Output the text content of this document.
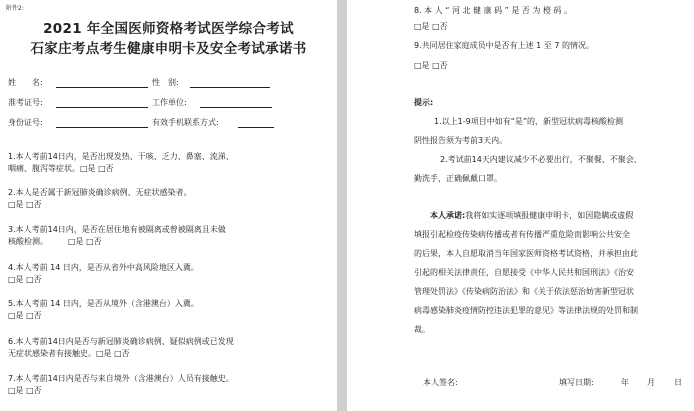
附件2:
2021 年全国医师资格考试医学综合考试
石家庄考点考生健康申明卡及安全考试承诺书
姓　　名:	性　别:
准考证号:	工作单位:
身份证号:	有效手机联系方式:
1.本人考前14日内，是否出现发热、干咳、乏力、鼻塞、流涕、
咽痛、腹泻等症状。□是 □否
2.本人是否属于新冠肺炎确诊病例、无症状感染者。
□是 □否
3.本人考前14日内，是否在居住地有被隔离或曾被隔离且未做
核酸检测。　　　□是 □否
4.本人考前 14 日内，是否从省外中高风险地区入冀。
□是 □否
5.本人考前 14 日内，是否从境外（含港澳台）入冀。
□是 □否
6.本人考前14日内是否与新冠肺炎确诊病例、疑似病例或已发现
无症状感染者有接触史。□是 □否
7.本人考前14日内是否与来自境外（含港澳台）人员有接触史。
□是 □否
8. 本 人 “ 河 北 健 康 码 ” 是 否 为 橙 码 。
□是 □否
9.共同居住家庭成员中是否有上述 1 至 7 的情况。
□是 □否
提示:
1.以上1-9项目中如有“是”的，新型冠状病毒核酸检测
阴性报告须为考前3天内。
2.考试前14天内建议减少不必要出行，不聚餐、不聚会、
勤洗手，正确佩戴口罩。
本人承诺:我将如实逐项填报健康申明卡，如因隐瞒或虚假
填报引起检疫传染病传播或者有传播严重危险而影响公共安全
的后果，本人自愿取消当年国家医师资格考试资格，并承担由此
引起的相关法律责任，自愿接受《中华人民共和国刑法》《治安
管理处罚法》《传染病防治法》和《关于依法惩治妨害新型冠状
病毒感染肺炎疫情防控违法犯罪的意见》等法律法规的处罚和制
裁。
本人签名:	填写日期:	年 月 日
